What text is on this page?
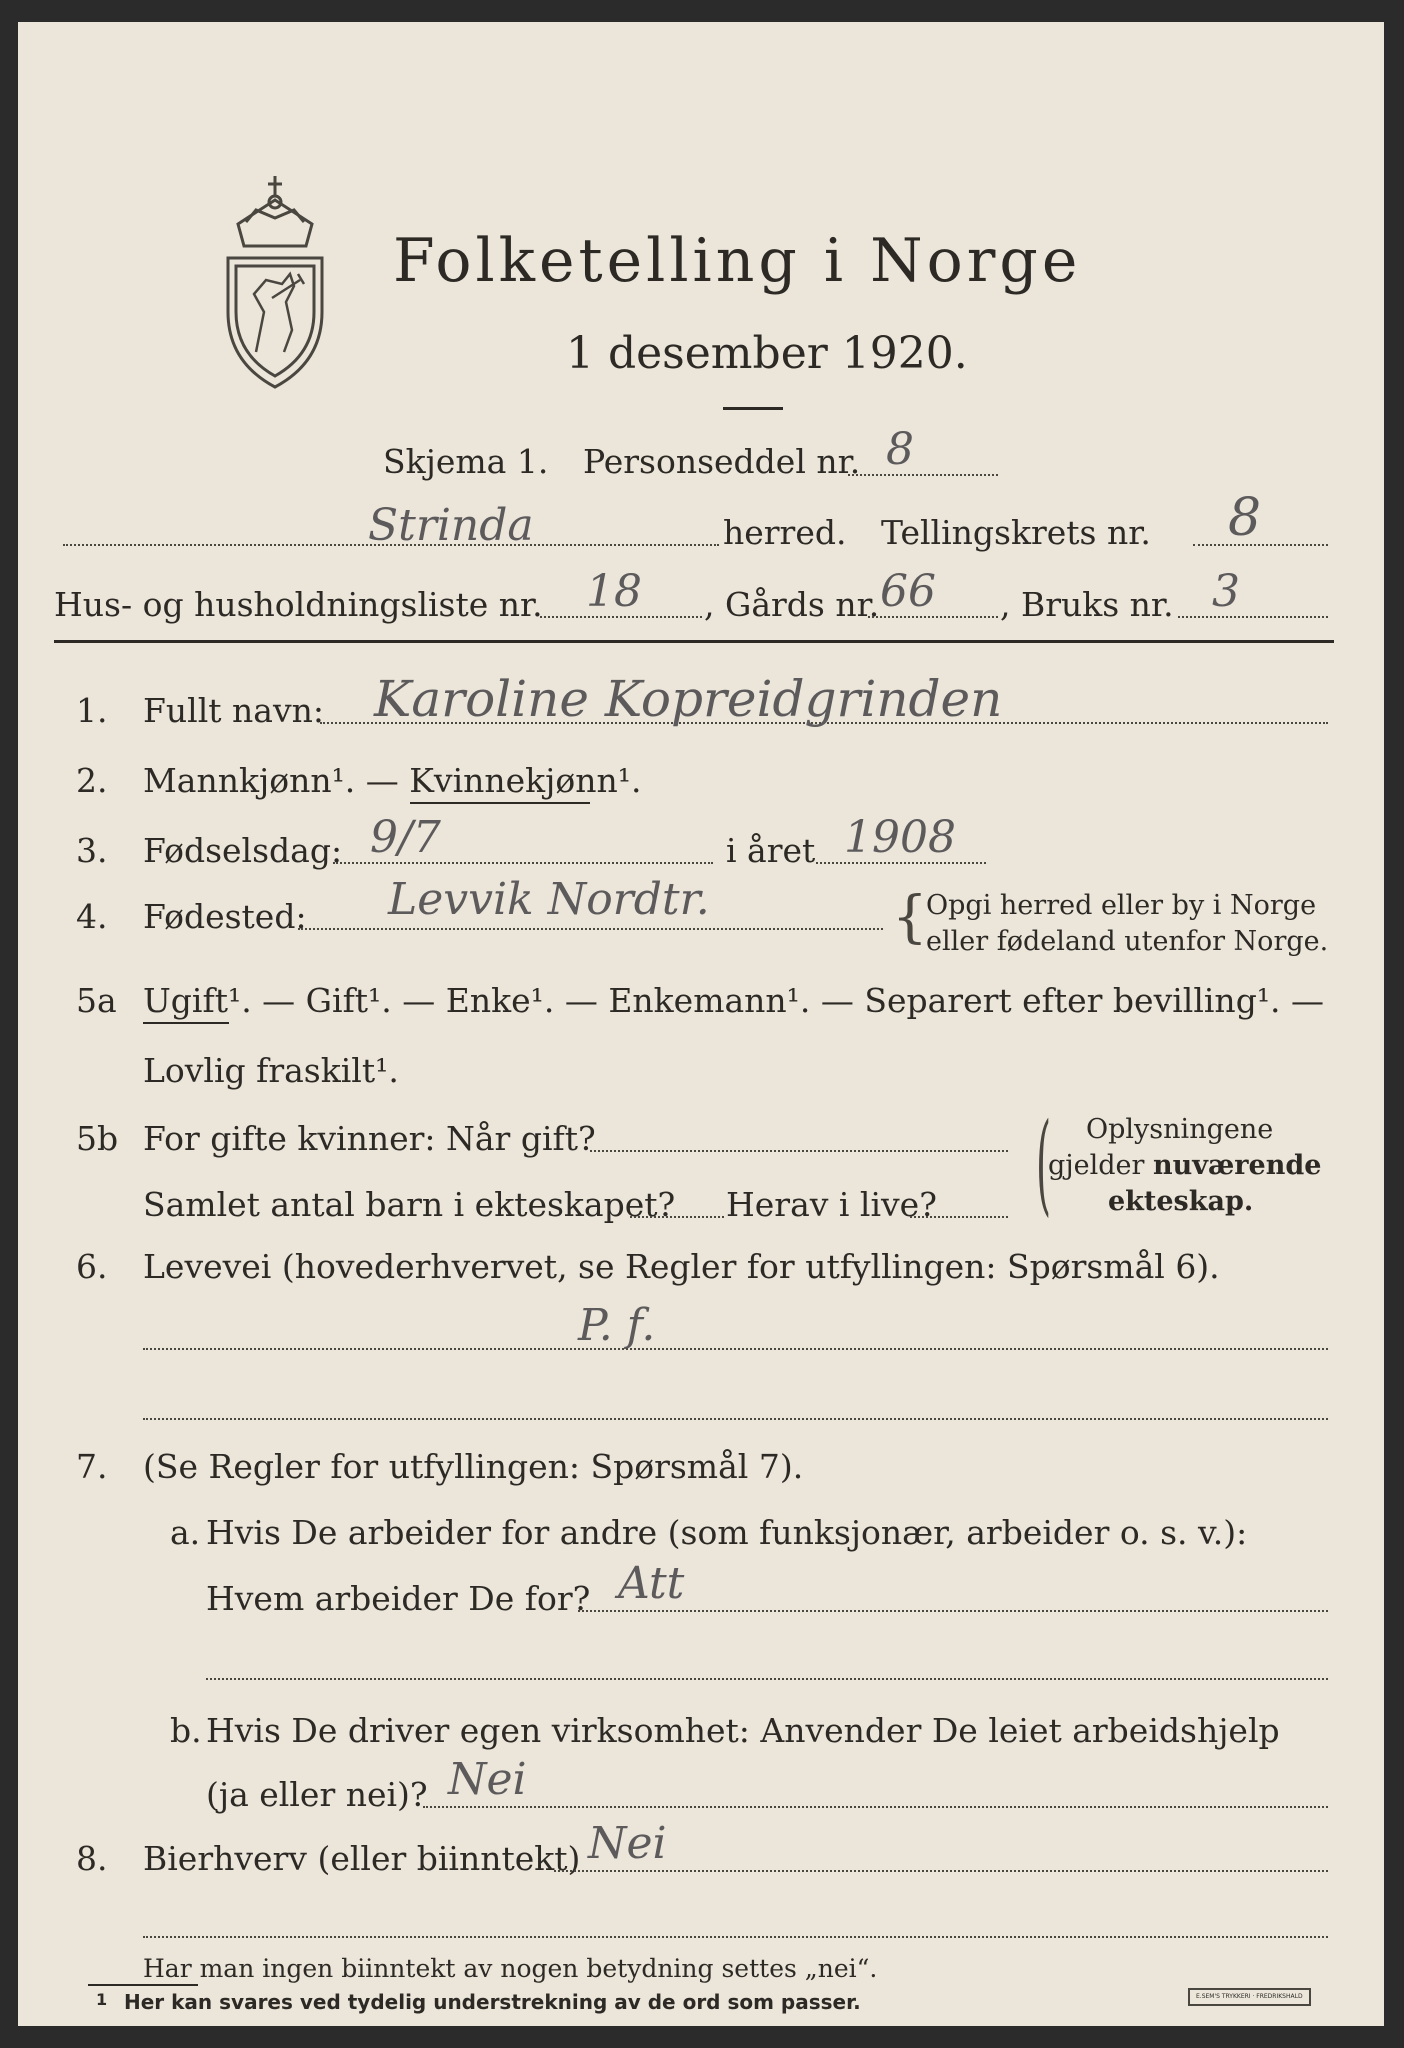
Folketelling i Norge
1 desember 1920.
Skjema 1. Personseddel nr. 8
Strinda	herred. Tellingskrets nr. 8
Hus- og husholdningsliste nr. 18 , Gårds nr. 66 , Bruks nr. 3
1. Fullt navn: Karoline Kopreidgrinden
2. Mannkjønn¹. — Kvinnekjønn¹.
3. Fødselsdag: 9/7	i året 1908
4. Fødested: Levvik Nordtr.	{
Opgi herred eller by i Norge
eller fødeland utenfor Norge.
5a Ugift¹. — Gift¹. — Enke¹. — Enkemann¹. — Separert efter bevilling¹. —
Lovlig fraskilt¹.
5b For gifte kvinner: Når gift?
Samlet antal barn i ekteskapet? Herav i live? ( Oplysningene
gjelder nuværende
ekteskap.
6. Levevei (hovederhvervet, se Regler for utfyllingen: Spørsmål 6).
P. f.
7. (Se Regler for utfyllingen: Spørsmål 7).
a. Hvis De arbeider for andre (som funksjonær, arbeider o. s. v.):
Hvem arbeider De for? Att
b. Hvis De driver egen virksomhet: Anvender De leiet arbeidshjelp
(ja eller nei)? Nei
8. Bierhverv (eller biinntekt) Nei
Har man ingen biinntekt av nogen betydning settes „nei“.
1 Her kan svares ved tydelig understrekning av de ord som passer.	E.SEM'S TRYKKERI · FREDRIKSHALD
